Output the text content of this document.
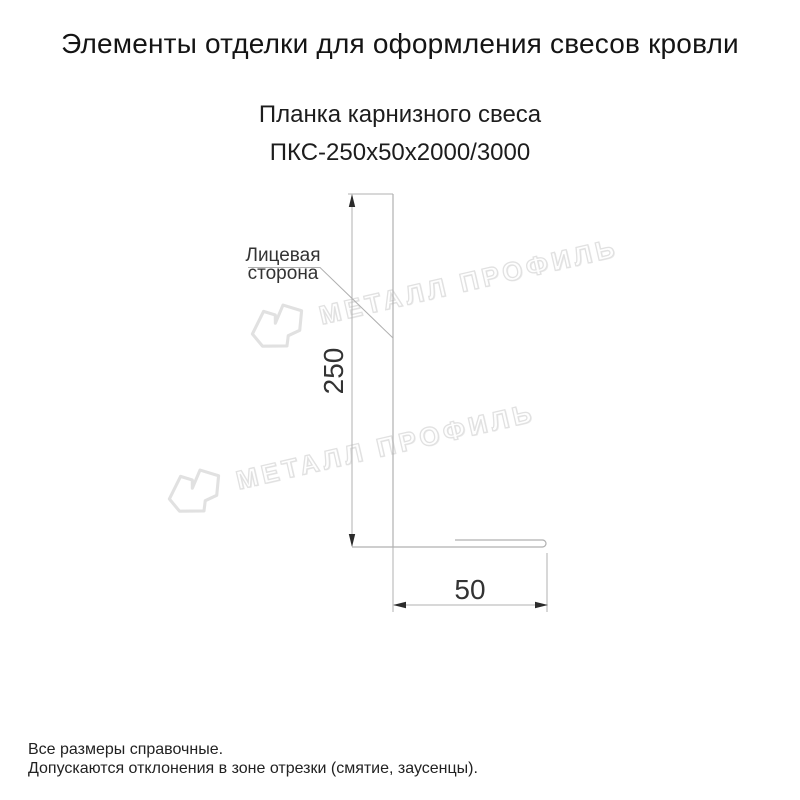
Элементы отделки для оформления свесов кровли
Планка карнизного свеса
ПКС-250х50х2000/3000
МЕТАЛЛ ПРОФИЛЬ
МЕТАЛЛ ПРОФИЛЬ
250
50
Лицевая
сторона
Все размеры справочные.
Допускаются отклонения в зоне отрезки (смятие, заусенцы).
